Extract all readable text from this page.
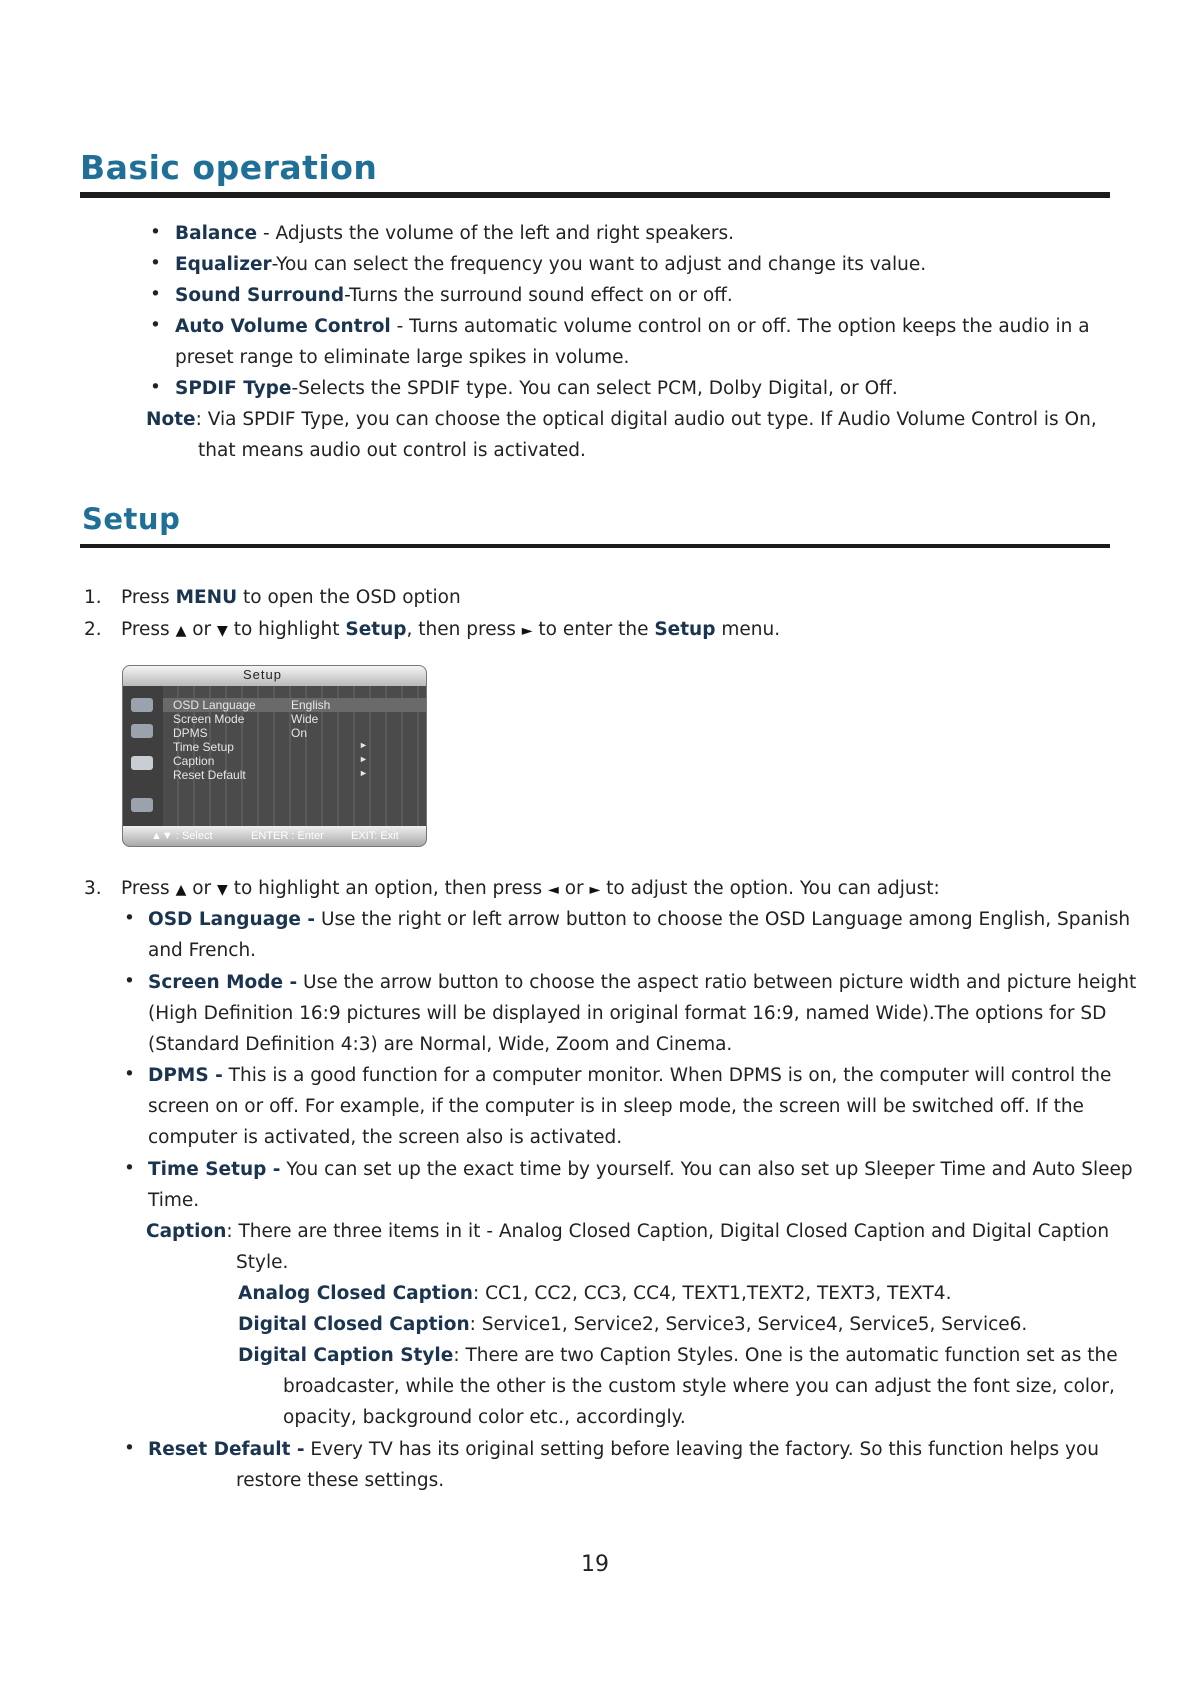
Basic operation
• Balance - Adjusts the volume of the left and right speakers.
• Equalizer-You can select the frequency you want to adjust and change its value.
• Sound Surround-Turns the surround sound effect on or off.
• Auto Volume Control - Turns automatic volume control on or off. The option keeps the audio in a
preset range to eliminate large spikes in volume.
• SPDIF Type-Selects the SPDIF type. You can select PCM, Dolby Digital, or Off.
Note: Via SPDIF Type, you can choose the optical digital audio out type. If Audio Volume Control is On,
that means audio out control is activated.
Setup
1.	Press MENU to open the OSD option
2.	Press ▲ or ▼ to highlight Setup, then press ► to enter the Setup menu.
Setup
OSD Language	English
Screen Mode	Wide
DPMS	On
Time Setup	►
Caption	►
Reset Default	►
▲▼ : Select	ENTER : Enter EXIT: Exit
3.	Press ▲ or ▼ to highlight an option, then press ◄ or ► to adjust the option. You can adjust:
• OSD Language - Use the right or left arrow button to choose the OSD Language among English, Spanish
and French.
• Screen Mode - Use the arrow button to choose the aspect ratio between picture width and picture height
(High Definition 16:9 pictures will be displayed in original format 16:9, named Wide).The options for SD
(Standard Definition 4:3) are Normal, Wide, Zoom and Cinema.
• DPMS - This is a good function for a computer monitor. When DPMS is on, the computer will control the
screen on or off. For example, if the computer is in sleep mode, the screen will be switched off. If the
computer is activated, the screen also is activated.
• Time Setup - You can set up the exact time by yourself. You can also set up Sleeper Time and Auto Sleep
Time.
Caption: There are three items in it - Analog Closed Caption, Digital Closed Caption and Digital Caption
Style.
Analog Closed Caption: CC1, CC2, CC3, CC4, TEXT1,TEXT2, TEXT3, TEXT4.
Digital Closed Caption: Service1, Service2, Service3, Service4, Service5, Service6.
Digital Caption Style: There are two Caption Styles. One is the automatic function set as the
broadcaster, while the other is the custom style where you can adjust the font size, color,
opacity, background color etc., accordingly.
• Reset Default - Every TV has its original setting before leaving the factory. So this function helps you
restore these settings.
19
